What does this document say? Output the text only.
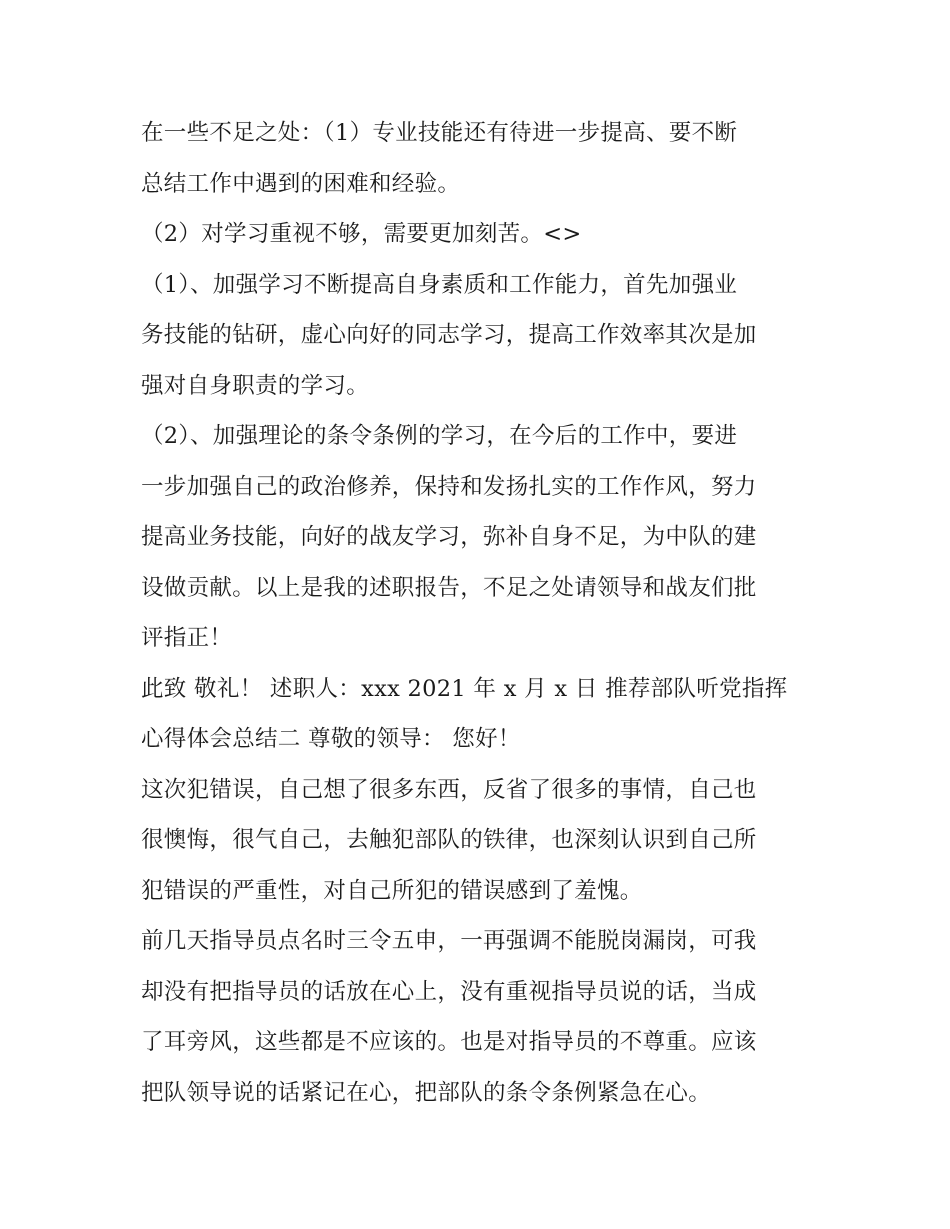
在一些不足之处：（1）专业技能还有待进一步提高、要不断
总结工作中遇到的困难和经验。
（2）对学习重视不够，需要更加刻苦。<>
（1）、加强学习不断提高自身素质和工作能力，首先加强业
务技能的钻研，虚心向好的同志学习，提高工作效率其次是加
强对自身职责的学习。
（2）、加强理论的条令条例的学习，在今后的工作中，要进
一步加强自己的政治修养，保持和发扬扎实的工作作风，努力
提高业务技能，向好的战友学习，弥补自身不足，为中队的建
设做贡献。以上是我的述职报告，不足之处请领导和战友们批
评指正！
此致 敬礼！ 述职人：xxx 2021 年 x 月 x 日 推荐部队听党指挥
心得体会总结二 尊敬的领导： 您好！
这次犯错误，自己想了很多东西，反省了很多的事情，自己也
很懊悔，很气自己，去触犯部队的铁律，也深刻认识到自己所
犯错误的严重性，对自己所犯的错误感到了羞愧。
前几天指导员点名时三令五申，一再强调不能脱岗漏岗，可我
却没有把指导员的话放在心上，没有重视指导员说的话，当成
了耳旁风，这些都是不应该的。也是对指导员的不尊重。应该
把队领导说的话紧记在心，把部队的条令条例紧急在心。
